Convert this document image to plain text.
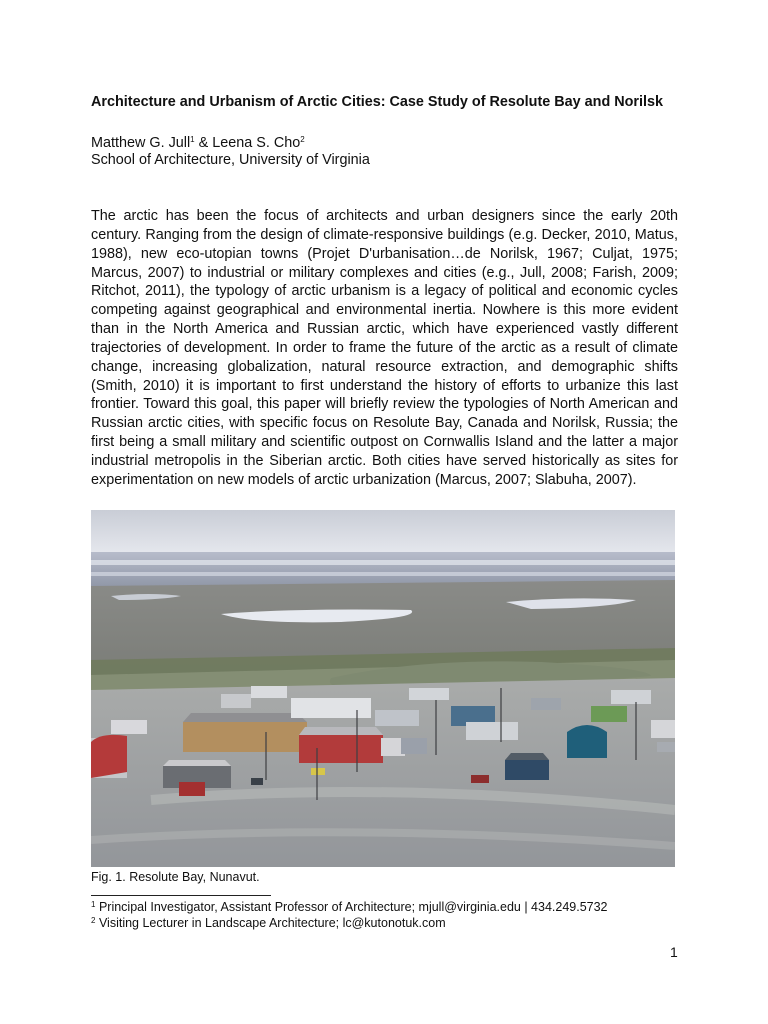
Architecture and Urbanism of Arctic Cities: Case Study of Resolute Bay and Norilsk
Matthew G. Jull$^1$ & Leena S. Cho$^2$
School of Architecture, University of Virginia

The arctic has been the focus of architects and urban designers since the early 20th century. Ranging from the design of climate-responsive buildings (e.g. Decker, 2010, Matus, 1988), new eco-utopian towns (Projet D'urbanisation…de Norilsk, 1967; Culjat, 1975; Marcus, 2007) to industrial or military complexes and cities (e.g., Jull, 2008; Farish, 2009; Ritchot, 2011), the typology of arctic urbanism is a legacy of political and economic cycles competing against geographical and environmental inertia. Nowhere is this more evident than in the North America and Russian arctic, which have experienced vastly different trajectories of development. In order to frame the future of the arctic as a result of climate change, increasing globalization, natural resource extraction, and demographic shifts (Smith, 2010) it is important to first understand the history of efforts to urbanize this last frontier. Toward this goal, this paper will briefly review the typologies of North American and Russian arctic cities, with specific focus on Resolute Bay, Canada and Norilsk, Russia; the first being a small military and scientific outpost on Cornwallis Island and the latter a major industrial metropolis in the Siberian arctic. Both cities have served historically as sites for experimentation on new models of arctic urbanization (Marcus, 2007; Slabuha, 2007).

Fig. 1. Resolute Bay, Nunavut.
$^1$ Principal Investigator, Assistant Professor of Architecture; mjull@virginia.edu | 434.249.5732
$^2$ Visiting Lecturer in Landscape Architecture; lc@kutonotuk.com
1
